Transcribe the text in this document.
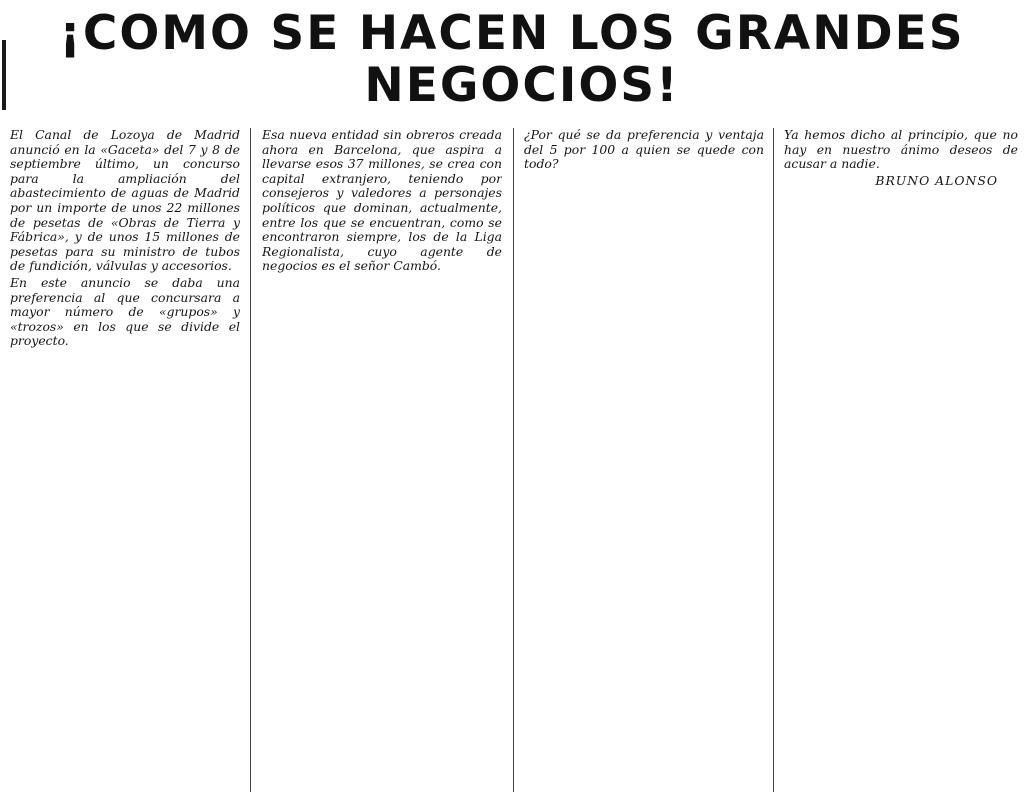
¡COMO SE HACEN LOS GRANDES
NEGOCIOS!

El Canal de Lozoya de Madrid anunció en la «Gaceta» del 7 y 8 de septiembre último, un concurso para la ampliación del abastecimiento de aguas de Madrid por un importe de unos 22 millones de pesetas de «Obras de Tierra y Fábrica», y de unos 15 millones de pesetas para su ministro de tubos de fundición, válvulas y accesorios.

En este anuncio se daba una preferencia al que concursara a mayor número de «grupos» y «trozos» en los que se divide el proyecto.

Esa nueva entidad sin obreros creada ahora en Barcelona, que aspira a llevarse esos 37 millones, se crea con capital extranjero, teniendo por consejeros y valedores a personajes políticos que dominan, actualmente, entre los que se encuentran, como se encontraron siempre, los de la Liga Regionalista, cuyo agente de negocios es el señor Cambó.

¿Por qué se da preferencia y ventaja del 5 por 100 a quien se quede con todo?

Ya hemos dicho al principio, que no hay en nuestro ánimo deseos de acusar a nadie.

BRUNO ALONSO
